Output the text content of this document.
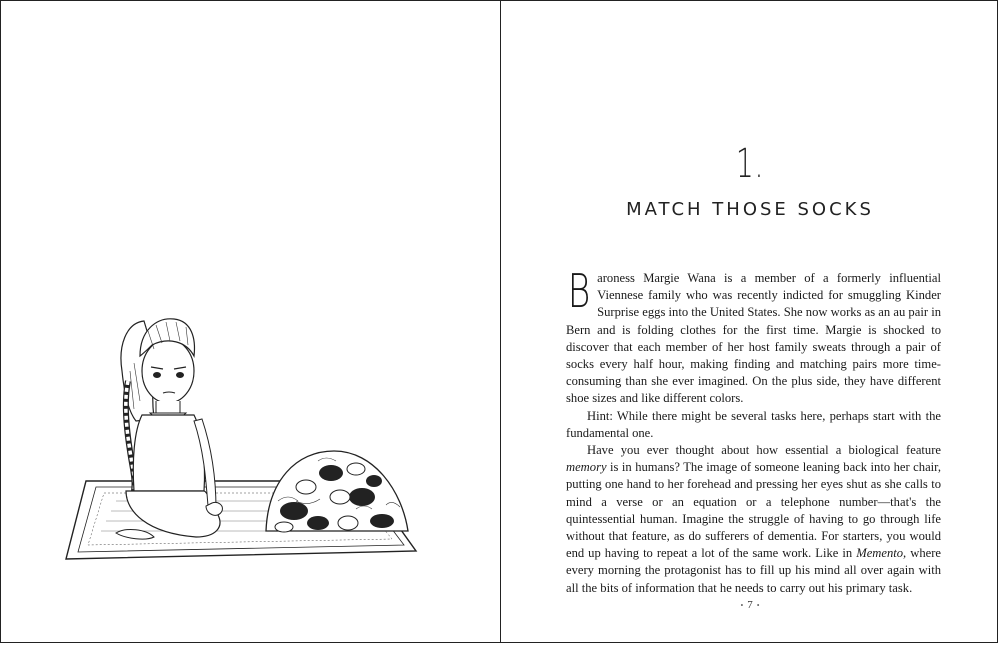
1.
MATCH THOSE SOCKS

Baroness Margie Wana is a member of a formerly influential Viennese family who was recently indicted for smuggling Kinder Surprise eggs into the United States. She now works as an au pair in Bern and is folding clothes for the first time. Margie is shocked to discover that each member of her host family sweats through a pair of socks every half hour, making finding and matching pairs more time-consuming than she ever imagined. On the plus side, they have different shoe sizes and like different colors.

Hint: While there might be several tasks here, perhaps start with the fundamental one.

Have you ever thought about how essential a biological feature memory is in humans? The image of someone leaning back into her chair, putting one hand to her forehead and pressing her eyes shut as she calls to mind a verse or an equation or a telephone number—that's the quintessential human. Imagine the struggle of having to go through life without that feature, as do sufferers of dementia. For starters, you would end up having to repeat a lot of the same work. Like in Memento, where every morning the protagonist has to fill up his mind all over again with all the bits of information that he needs to carry out his primary task.

• 7 •
